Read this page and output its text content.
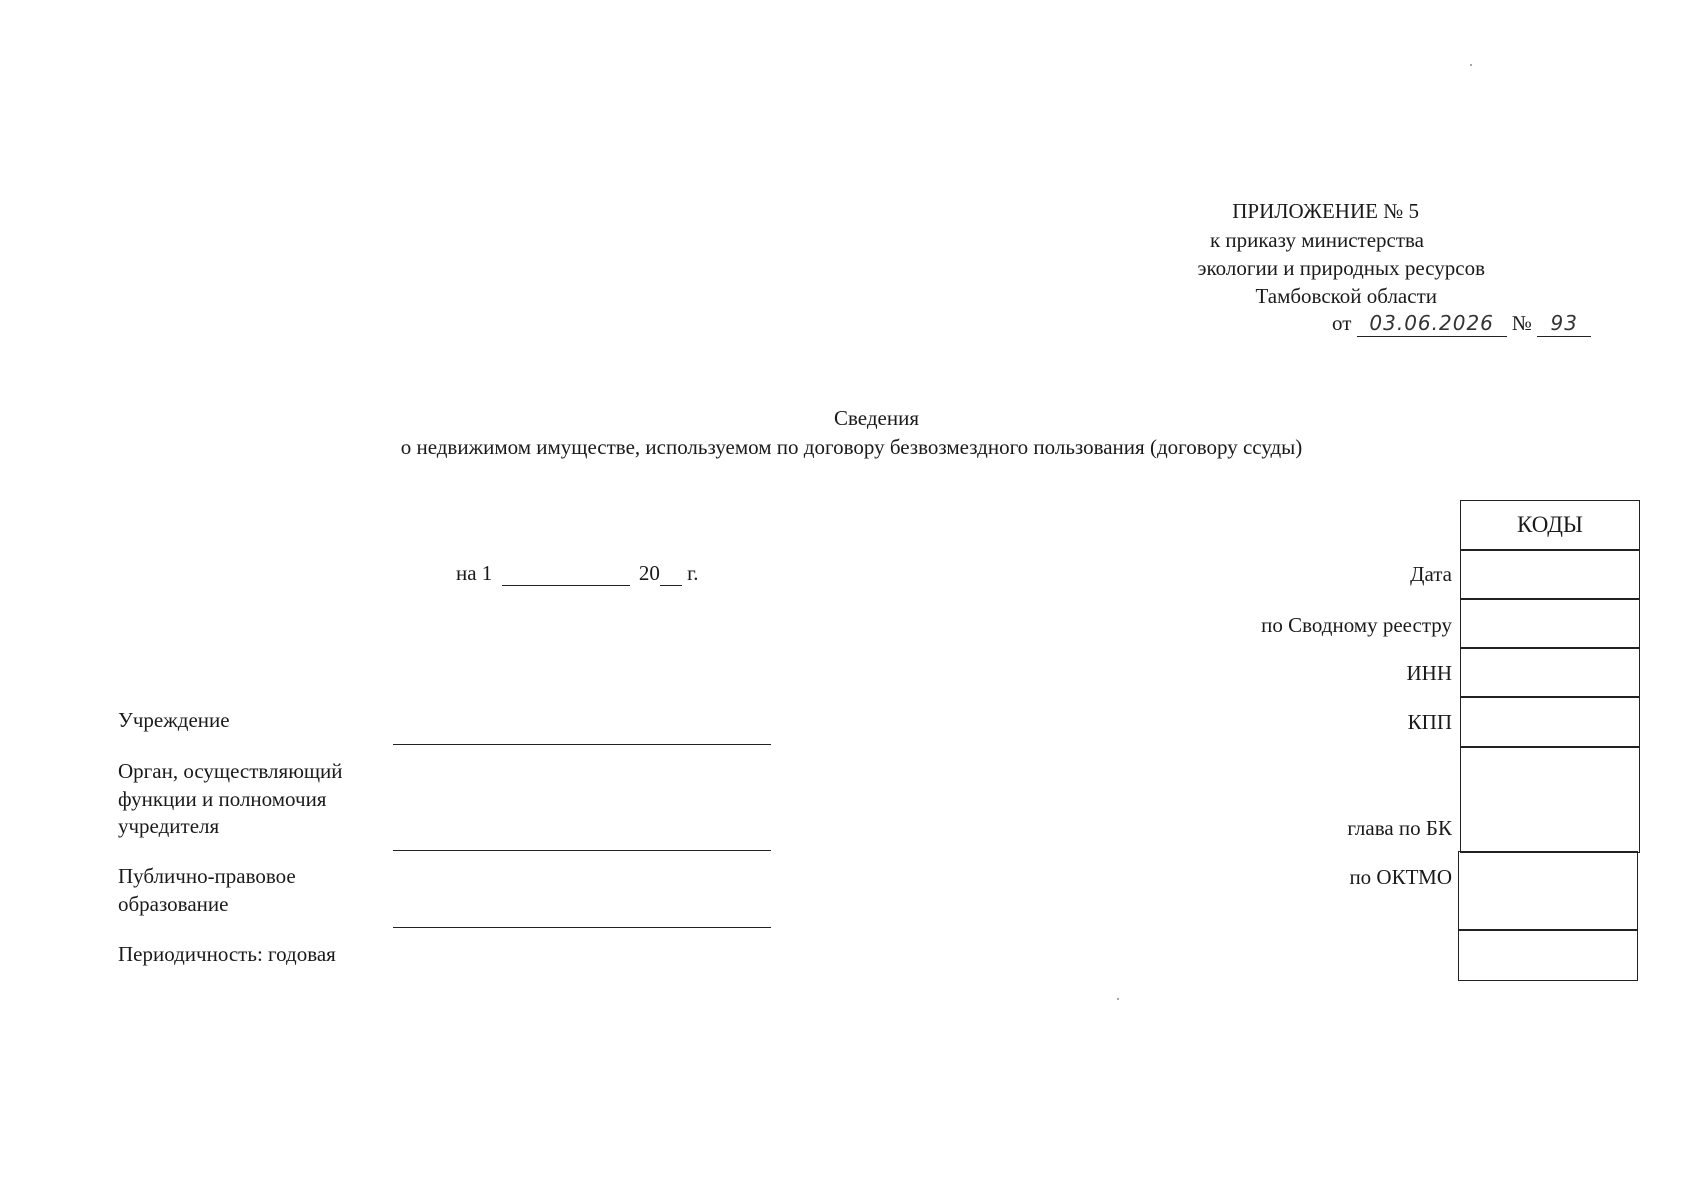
ПРИЛОЖЕНИЕ № 5
к приказу министерства
экологии и природных ресурсов
Тамбовской области
от 03.06.2026 № 93
Сведения
о недвижимом имуществе, используемом по договору безвозмездного пользования (договору ссуды)
на 1	20 г.
Учреждение
Орган, осуществляющий
функции и полномочия
учредителя
Публично-правовое
образование
Периодичность: годовая
Дата
по Сводному реестру
ИНН
КПП
глава по БК
по ОКТМО
КОДЫ
